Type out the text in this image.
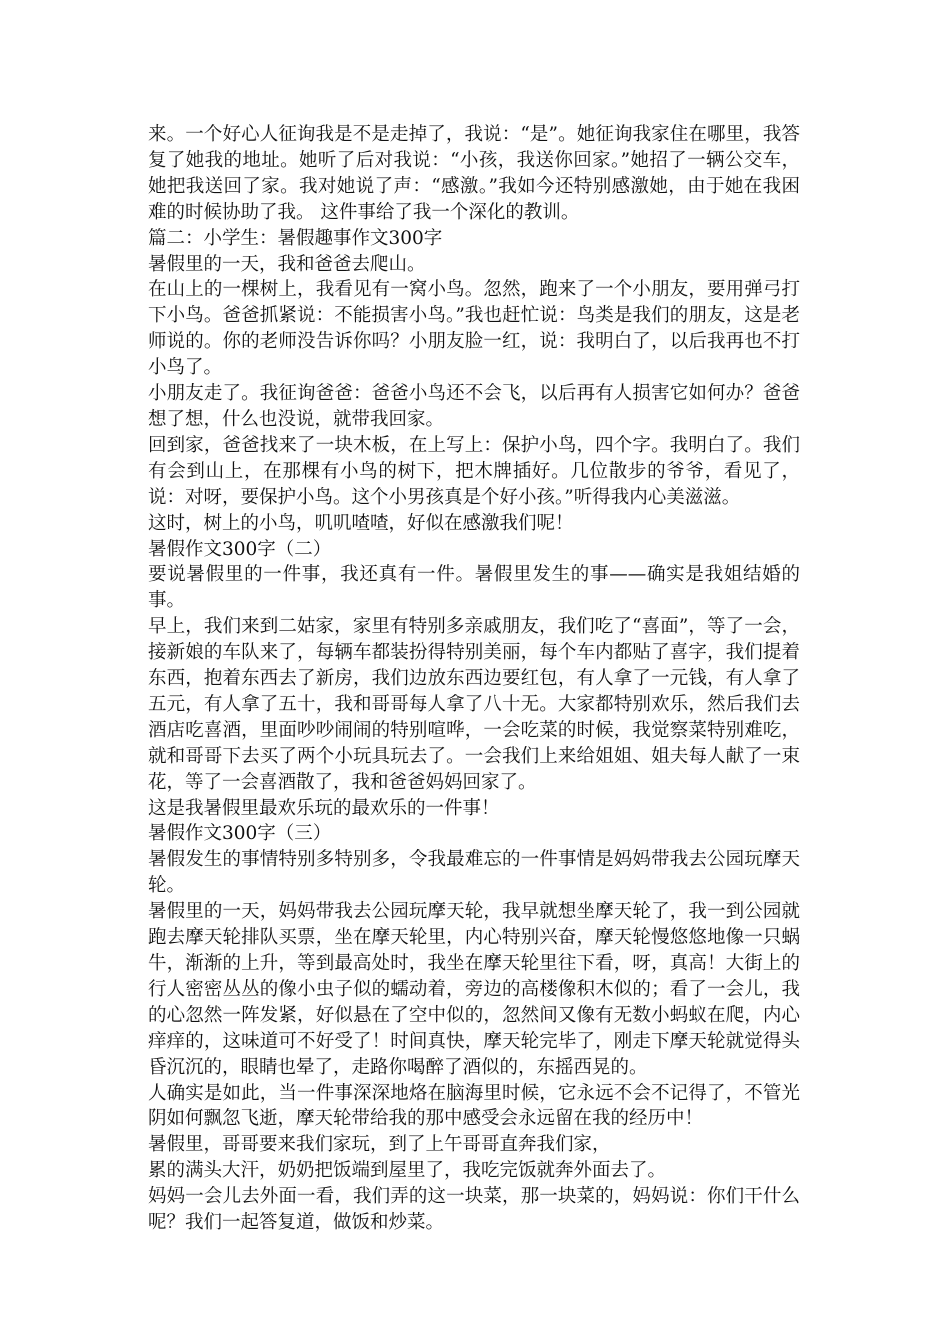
来。一个好心人征询我是不是走掉了，我说：“是”。她征询我家住在哪里，我答复了她我的地址。她听了后对我说：“小孩，我送你回家。”她招了一辆公交车，她把我送回了家。我对她说了声：“感激。”我如今还特别感激她，由于她在我困难的时候协助了我。 这件事给了我一个深化的教训。

篇二：小学生：暑假趣事作文300字

暑假里的一天，我和爸爸去爬山。

在山上的一棵树上，我看见有一窝小鸟。忽然，跑来了一个小朋友，要用弹弓打下小鸟。爸爸抓紧说：不能损害小鸟。”我也赶忙说：鸟类是我们的朋友，这是老师说的。你的老师没告诉你吗？小朋友脸一红，说：我明白了，以后我再也不打小鸟了。

小朋友走了。我征询爸爸：爸爸小鸟还不会飞，以后再有人损害它如何办？爸爸想了想，什么也没说，就带我回家。

回到家，爸爸找来了一块木板，在上写上：保护小鸟，四个字。我明白了。我们有会到山上，在那棵有小鸟的树下，把木牌插好。几位散步的爷爷，看见了，说：对呀，要保护小鸟。这个小男孩真是个好小孩。”听得我内心美滋滋。

这时，树上的小鸟，叽叽喳喳，好似在感激我们呢！

暑假作文300字（二）

要说暑假里的一件事，我还真有一件。暑假里发生的事——确实是我姐结婚的事。

早上，我们来到二姑家，家里有特别多亲戚朋友，我们吃了“喜面”，等了一会，接新娘的车队来了，每辆车都装扮得特别美丽，每个车内都贴了喜字，我们提着东西，抱着东西去了新房，我们边放东西边要红包，有人拿了一元钱，有人拿了五元，有人拿了五十，我和哥哥每人拿了八十无。大家都特别欢乐，然后我们去酒店吃喜酒，里面吵吵闹闹的特别喧哗，一会吃菜的时候，我觉察菜特别难吃，就和哥哥下去买了两个小玩具玩去了。一会我们上来给姐姐、姐夫每人献了一束花，等了一会喜酒散了，我和爸爸妈妈回家了。

这是我暑假里最欢乐玩的最欢乐的一件事！

暑假作文300字（三）

暑假发生的事情特别多特别多，令我最难忘的一件事情是妈妈带我去公园玩摩天轮。

暑假里的一天，妈妈带我去公园玩摩天轮，我早就想坐摩天轮了，我一到公园就跑去摩天轮排队买票，坐在摩天轮里，内心特别兴奋，摩天轮慢悠悠地像一只蜗牛，渐渐的上升，等到最高处时，我坐在摩天轮里往下看，呀，真高！大街上的行人密密丛丛的像小虫子似的蠕动着，旁边的高楼像积木似的；看了一会儿，我的心忽然一阵发紧，好似悬在了空中似的，忽然间又像有无数小蚂蚁在爬，内心痒痒的，这味道可不好受了！时间真快，摩天轮完毕了，刚走下摩天轮就觉得头昏沉沉的，眼睛也晕了，走路你喝醉了酒似的，东摇西晃的。

人确实是如此，当一件事深深地烙在脑海里时候，它永远不会不记得了，不管光阴如何飘忽飞逝，摩天轮带给我的那中感受会永远留在我的经历中！

暑假里，哥哥要来我们家玩，到了上午哥哥直奔我们家，

累的满头大汗，奶奶把饭端到屋里了，我吃完饭就奔外面去了。

妈妈一会儿去外面一看，我们弄的这一块菜，那一块菜的，妈妈说：你们干什么呢？我们一起答复道，做饭和炒菜。
